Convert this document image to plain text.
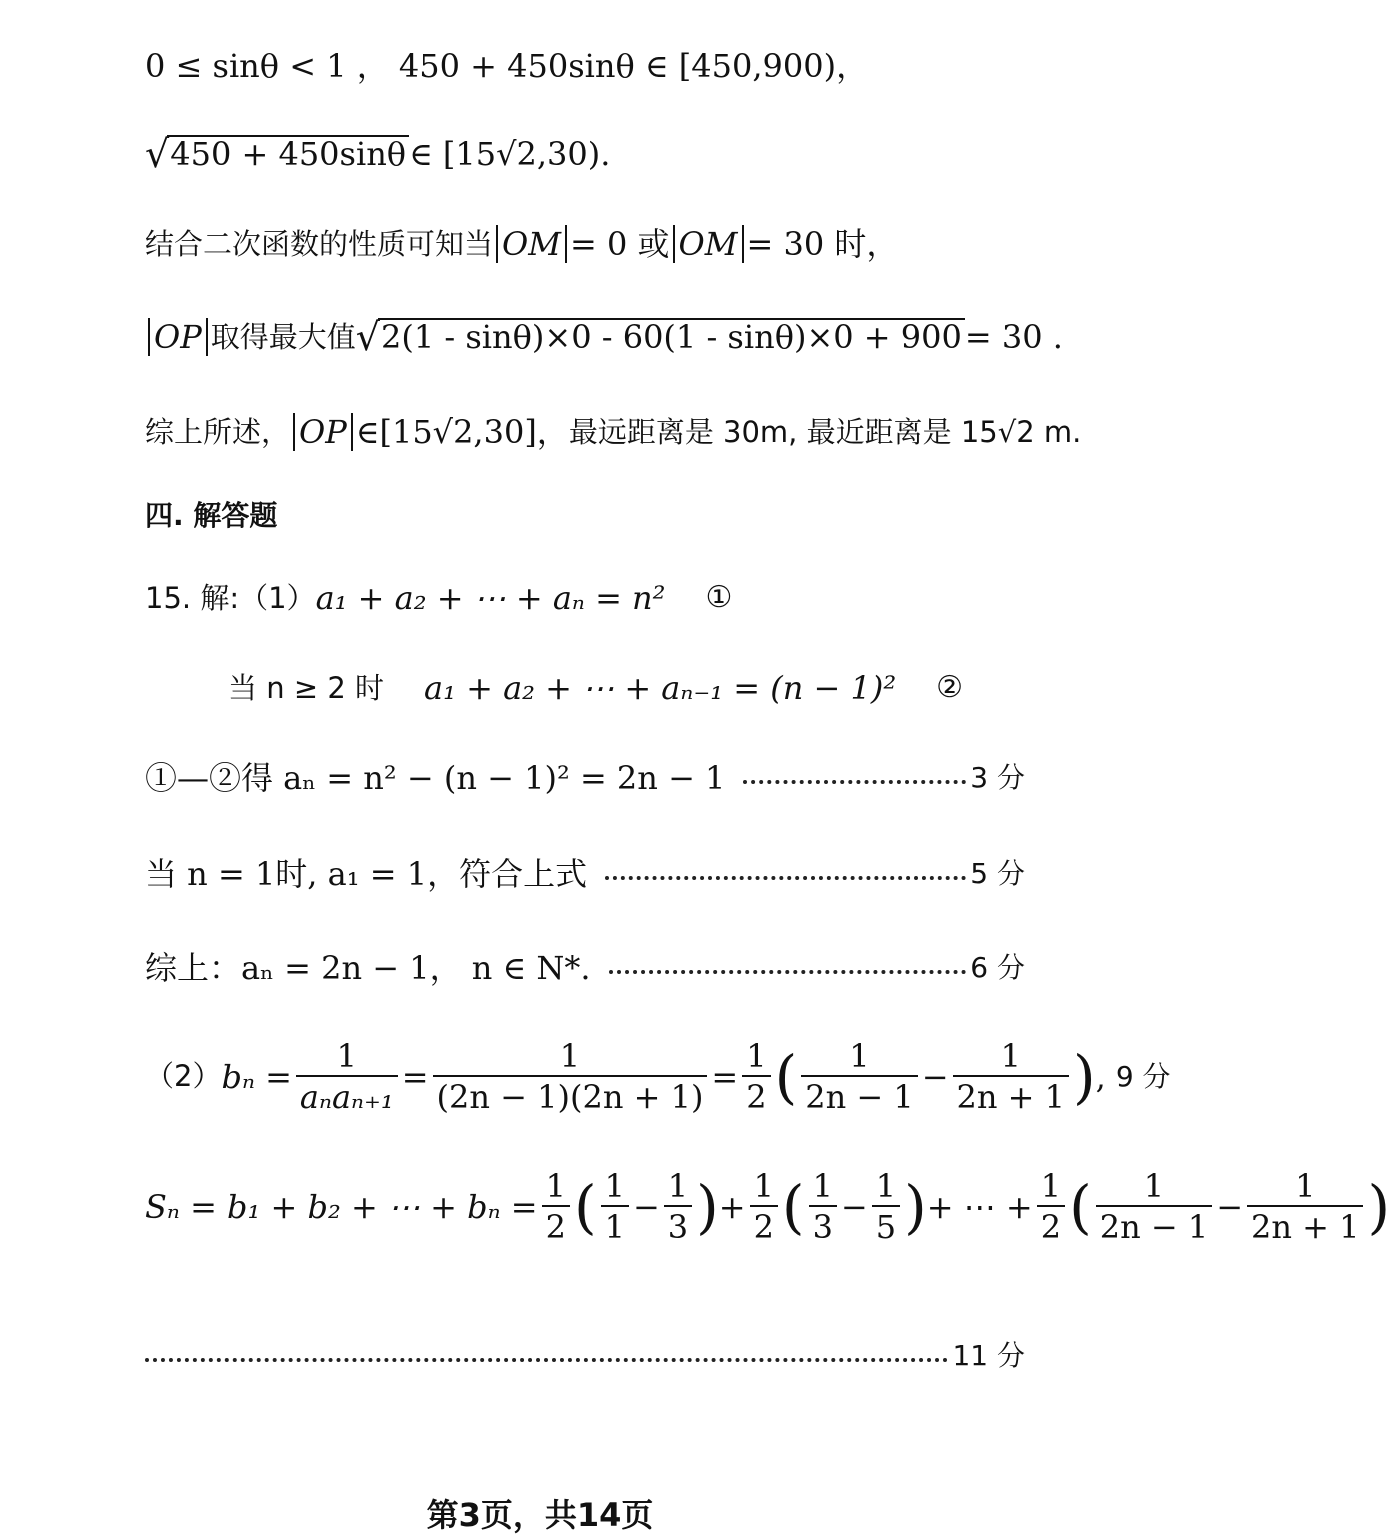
0 ≤ sinθ < 1 ， 450 + 450sinθ ∈ [450,900)，
√ 450 + 450sinθ ∈ [15√2,30).
结合二次函数的性质可知当 OM = 0 或 OM = 30 时，
OP 取得最大值 √ 2(1 - sinθ)×0 - 60(1 - sinθ)×0 + 900 = 30 .
综上所述， OP ∈[15√2,30]， 最远距离是 30m, 最近距离是 15√2 m.
四. 解答题
15. 解:（1） a₁ + a₂ + ⋯ + aₙ = n² ①
当 n ≥ 2 时 a₁ + a₂ + ⋯ + aₙ₋₁ = (n − 1)² ②
①—②得 aₙ = n² − (n − 1)² = 2n − 1	3 分
当 n = 1时, a₁ = 1，符合上式	5 分
综上：aₙ = 2n − 1， n ∈ N*.	6 分
（2） $b_n = \frac{1}{\text{aₙaₙ₊₁}} = \frac{1}{(2n - 1)(2n + 1)} = \frac{1}{2}$ ( $\frac{1}{2n - 1} - \frac{1}{2n + 1}$ ) , 9 分
Sₙ = b₁ + b₂ + ⋯ + $b_n = \frac{1}{2}$ ( $\frac{1}{1} - \frac{1}{3}$ ) + $\frac{1}{2}$ ( $\frac{1}{3} - \frac{1}{5}$ ) + ⋯ + $\frac{1}{2}$ ( $\frac{1}{2n - 1} - \frac{1}{2n + 1}$ )
11 分
第3页，共14页
